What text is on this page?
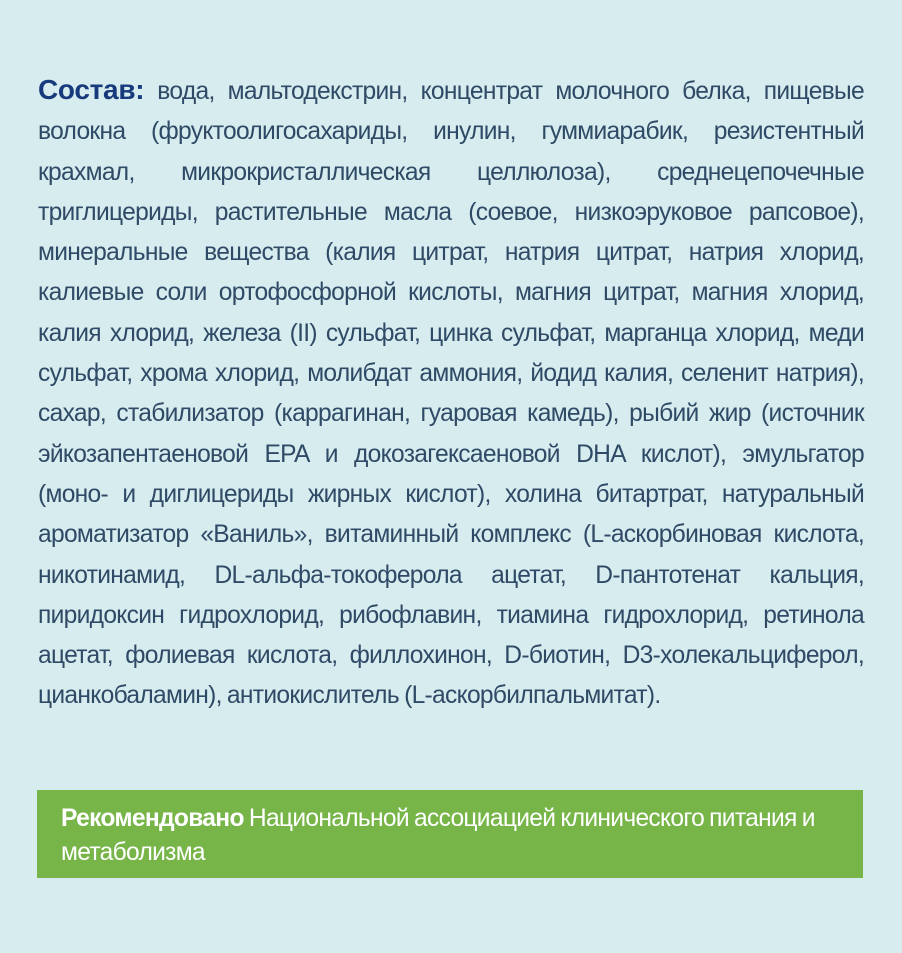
Состав: вода, мальтодекстрин, концентрат молочного белка, пищевые волокна (фруктоолигосахариды, инулин, гуммиарабик, резистентный крахмал, микрокристаллическая целлюлоза), среднецепочечные триглицериды, растительные масла (соевое, низкоэруковое рапсовое), минеральные вещества (калия цитрат, натрия цитрат, натрия хлорид, калиевые соли ортофосфорной кислоты, магния цитрат, магния хлорид, калия хлорид, железа (II) сульфат, цинка сульфат, марганца хлорид, меди сульфат, хрома хлорид, молибдат аммония, йодид калия, селенит натрия), сахар, стабилизатор (каррагинан, гуаровая камедь), рыбий жир (источник эйкозапентаеновой EPA и докозагексаеновой DHA кислот), эмульгатор (моно- и диглицериды жирных кислот), холина битартрат, натуральный ароматизатор «Ваниль», витаминный комплекс (L-аскорбиновая кислота, никотинамид, DL-альфа-токоферола ацетат, D-пантотенат кальция, пиридоксин гидрохлорид, рибофлавин, тиамина гидрохлорид, ретинола ацетат, фолиевая кислота, филлохинон, D-биотин, D3-холекальциферол, цианкобаламин), антиокислитель (L-аскорбилпальмитат).

Рекомендовано Национальной ассоциацией клинического питания и метаболизма
